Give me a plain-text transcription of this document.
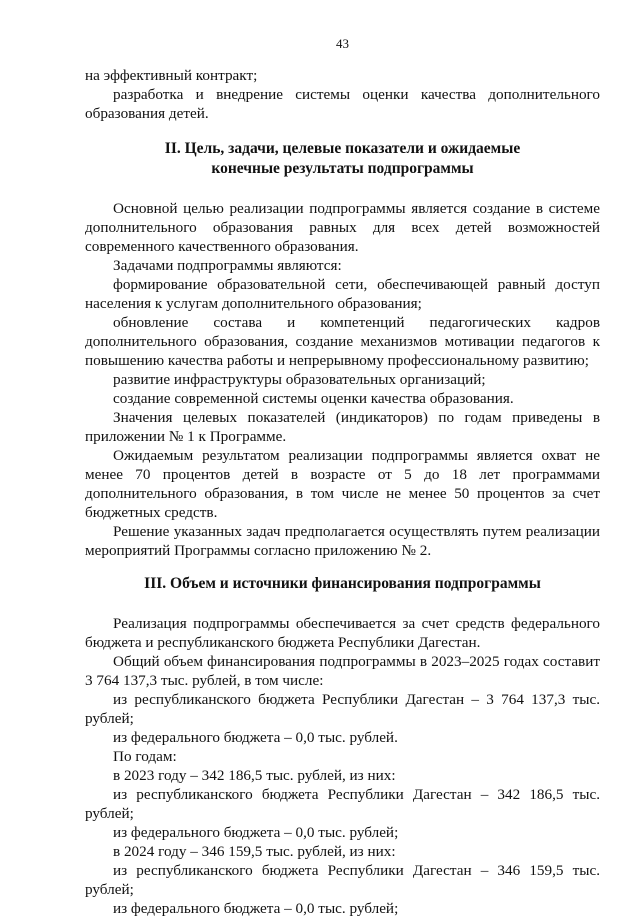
43

на эффективный контракт;

разработка и внедрение системы оценки качества дополнительного образования детей.

II. Цель, задачи, целевые показатели и ожидаемые
конечные результаты подпрограммы

Основной целью реализации подпрограммы является создание в системе дополнительного образования равных для всех детей возможностей современного качественного образования.

Задачами подпрограммы являются:

формирование образовательной сети, обеспечивающей равный доступ населения к услугам дополнительного образования;

обновление состава и компетенций педагогических кадров дополнительного образования, создание механизмов мотивации педагогов к повышению качества работы и непрерывному профессиональному развитию;

развитие инфраструктуры образовательных организаций;

создание современной системы оценки качества образования.

Значения целевых показателей (индикаторов) по годам приведены в приложении № 1 к Программе.

Ожидаемым результатом реализации подпрограммы является охват не менее 70 процентов детей в возрасте от 5 до 18 лет программами дополнительного образования, в том числе не менее 50 процентов за счет бюджетных средств.

Решение указанных задач предполагается осуществлять путем реализации мероприятий Программы согласно приложению № 2.

III. Объем и источники финансирования подпрограммы

Реализация подпрограммы обеспечивается за счет средств федерального бюджета и республиканского бюджета Республики Дагестан.

Общий объем финансирования подпрограммы в 2023–2025 годах составит 3 764 137,3 тыс. рублей, в том числе:

из республиканского бюджета Республики Дагестан – 3 764 137,3 тыс. рублей;

из федерального бюджета – 0,0 тыс. рублей.

По годам:

в 2023 году – 342 186,5 тыс. рублей, из них:

из республиканского бюджета Республики Дагестан – 342 186,5 тыс. рублей;

из федерального бюджета – 0,0 тыс. рублей;

в 2024 году – 346 159,5 тыс. рублей, из них:

из республиканского бюджета Республики Дагестан – 346 159,5 тыс. рублей;

из федерального бюджета – 0,0 тыс. рублей;
